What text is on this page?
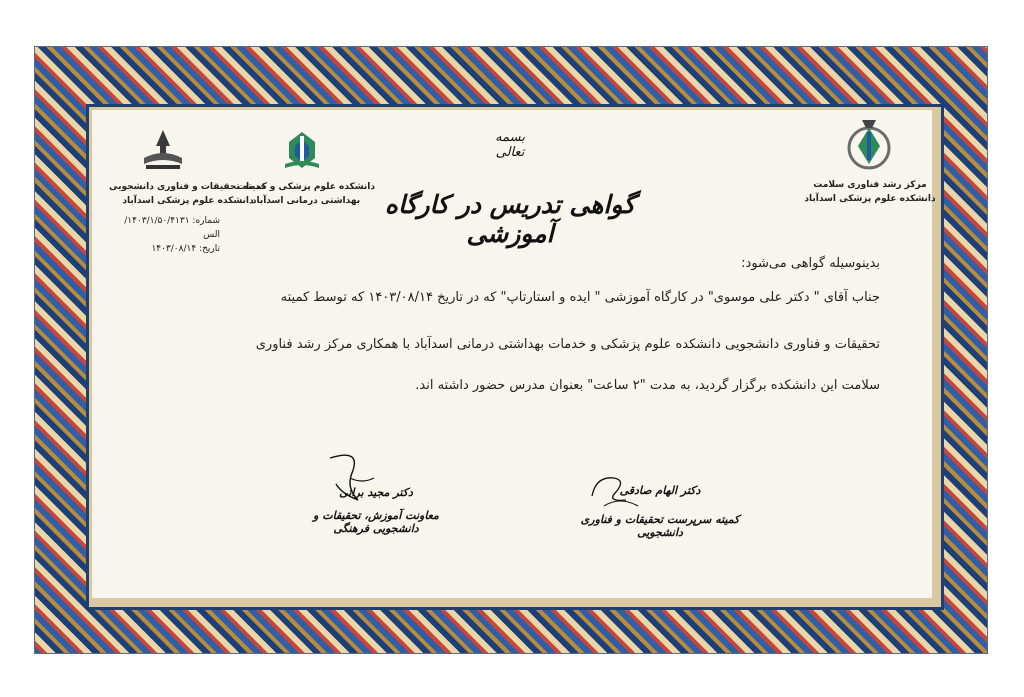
کمیته تحقیقات و فناوری دانشجویی
دانشکده علوم پزشکی اسدآباد
شماره: ۱۴۰۳/۱/۵۰/۴۱۳۱/الس
تاریخ: ۱۴۰۳/۰۸/۱۴
دانشکده علوم پزشکی و خدمات
بهداشتی درمانی اسدآباد
مرکز رشد فناوری سلامت
دانشکده علوم پزشکی اسدآباد
بسمه تعالی
گواهی تدریس در کارگاه آموزشی
بدینوسیله گواهی می‌شود:
جناب آقای " دکتر علی موسوی" در کارگاه آموزشی " ایده و استارتاپ" که در تاریخ ۱۴۰۳/۰۸/۱۴ که توسط کمیته
تحقیقات و فناوری دانشجویی دانشکده علوم پزشکی و خدمات بهداشتی درمانی اسدآباد با همکاری مرکز رشد فناوری
سلامت این دانشکده برگزار گردید، به مدت "۲ ساعت" بعنوان مدرس حضور داشته اند.
دکتر مجید براتی
معاونت آموزش، تحقیقات و دانشجویی فرهنگی
دکتر الهام صادقی
کمیته سرپرست تحقیقات و فناوری دانشجویی
